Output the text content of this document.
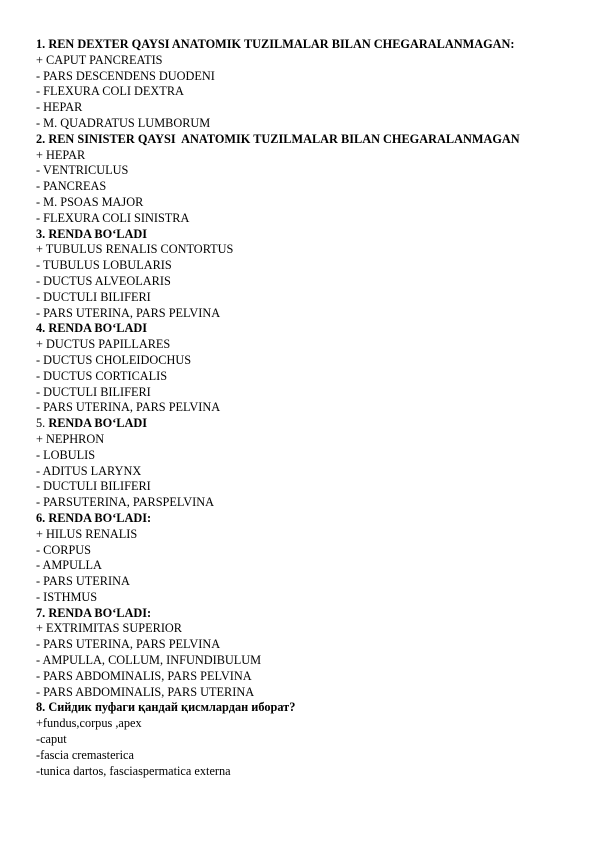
1. REN DEXTER QAYSI ANATOMIK TUZILMALAR BILAN CHEGARALANMAGAN:
+ CAPUT PANCREATIS
- PARS DESCENDENS DUODENI
- FLEXURA COLI DEXTRA
- HEPAR
- M. QUADRATUS LUMBORUM
2. REN SINISTER QAYSI  ANATOMIK TUZILMALAR BILAN CHEGARALANMAGAN
+ HEPAR
- VENTRICULUS
- PANCREAS
- M. PSOAS MAJOR
- FLEXURA COLI SINISTRA
3. RENDA BO‘LADI
+ TUBULUS RENALIS CONTORTUS
- TUBULUS LOBULARIS
- DUCTUS ALVEOLARIS
- DUCTULI BILIFERI
- PARS UTERINA, PARS PELVINA
4. RENDA BO‘LADI
+ DUCTUS PAPILLARES
- DUCTUS CHOLEIDOCHUS
- DUCTUS CORTICALIS
- DUCTULI BILIFERI
- PARS UTERINA, PARS PELVINA
5. RENDA BO‘LADI
+ NEPHRON
- LOBULIS
- ADITUS LARYNX
- DUCTULI BILIFERI
- PARSUTERINA, PARSPELVINA
6. RENDA BO‘LADI:
+ HILUS RENALIS
- CORPUS
- AMPULLA
- PARS UTERINA
- ISTHMUS
7. RENDA BO‘LADI:
+ EXTRIMITAS SUPERIOR
- PARS UTERINA, PARS PELVINA
- AMPULLA, COLLUM, INFUNDIBULUM
- PARS ABDOMINALIS, PARS PELVINA
- PARS ABDOMINALIS, PARS UTERINA
8. Сийдик пуфаги қандай қисмлардан иборат?
+fundus,corpus ,apex
-caput
-fascia cremasterica
-tunica dartos, fasciaspermatica externa
